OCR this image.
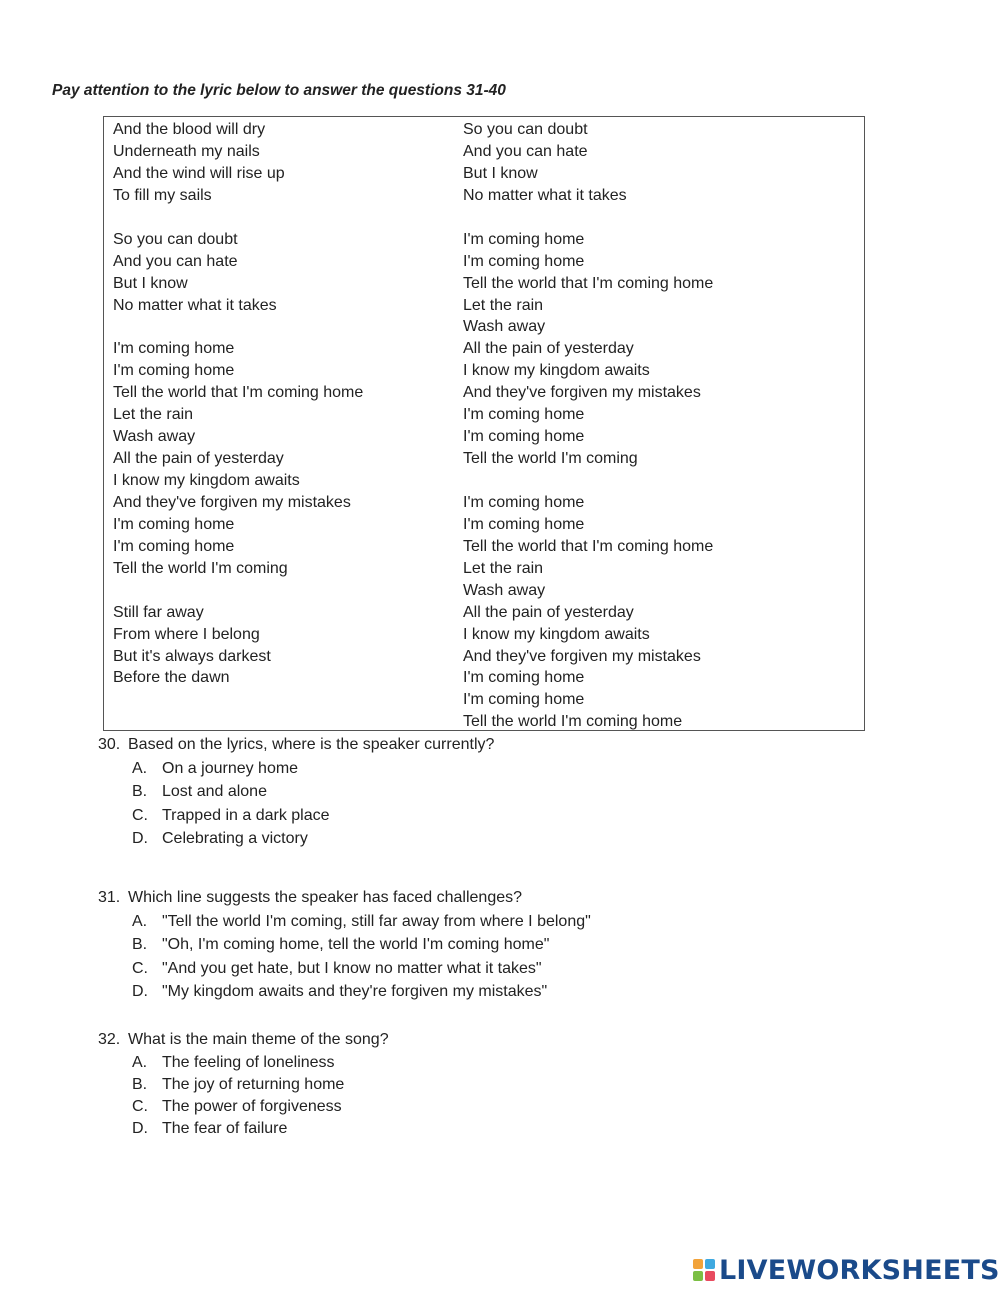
Pay attention to the lyric below to answer the questions 31-40
And the blood will dry
Underneath my nails
And the wind will rise up
To fill my sails
So you can doubt
And you can hate
But I know
No matter what it takes
I'm coming home
I'm coming home
Tell the world that I'm coming home
Let the rain
Wash away
All the pain of yesterday
I know my kingdom awaits
And they've forgiven my mistakes
I'm coming home
I'm coming home
Tell the world I'm coming
Still far away
From where I belong
But it's always darkest
Before the dawn
So you can doubt
And you can hate
But I know
No matter what it takes
I'm coming home
I'm coming home
Tell the world that I'm coming home
Let the rain
Wash away
All the pain of yesterday
I know my kingdom awaits
And they've forgiven my mistakes
I'm coming home
I'm coming home
Tell the world I'm coming
I'm coming home
I'm coming home
Tell the world that I'm coming home
Let the rain
Wash away
All the pain of yesterday
I know my kingdom awaits
And they've forgiven my mistakes
I'm coming home
I'm coming home
Tell the world I'm coming home
30. Based on the lyrics, where is the speaker currently?
A. On a journey home
B. Lost and alone
C. Trapped in a dark place
D. Celebrating a victory
31. Which line suggests the speaker has faced challenges?
A. "Tell the world I'm coming, still far away from where I belong"
B. "Oh, I'm coming home, tell the world I'm coming home"
C. "And you get hate, but I know no matter what it takes"
D. "My kingdom awaits and they're forgiven my mistakes"
32. What is the main theme of the song?
A. The feeling of loneliness
B. The joy of returning home
C. The power of forgiveness
D. The fear of failure
LIVEWORKSHEETS
